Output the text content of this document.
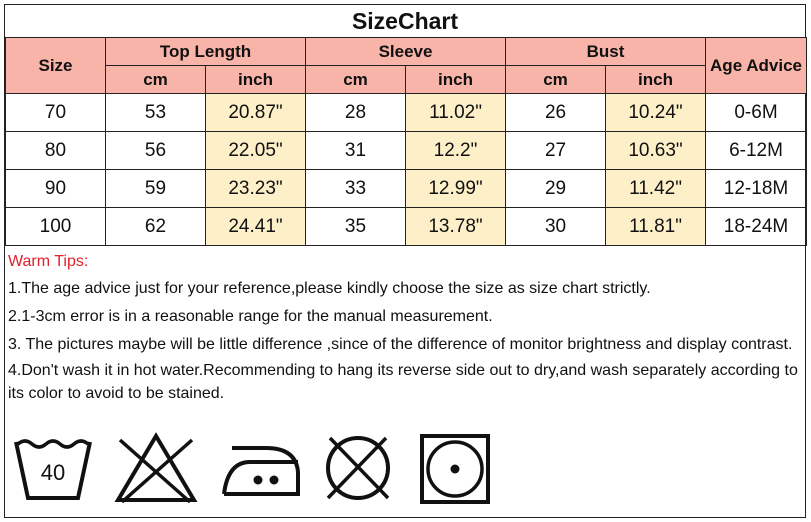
SizeChart
Size	Top Length		Sleeve		Bust		Age Advice
	cm	inch	cm	inch	cm	inch	
70	53	20.87"	28	11.02"	26	10.24"	0-6M
80	56	22.05"	31	12.2"	27	10.63"	6-12M
90	59	23.23"	33	12.99"	29	11.42"	12-18M
100	62	24.41"	35	13.78"	30	11.81"	18-24M

Warm Tips:

1.The age advice just for your reference,please kindly choose the size as size chart strictly.

2.1-3cm error is in a reasonable range for the manual measurement.

3. The pictures maybe will be little difference ,since of the difference of monitor brightness and display contrast.

4.Don't wash it in hot water.Recommending to hang its reverse side out to dry,and wash separately according to its color to avoid to be stained.

40
